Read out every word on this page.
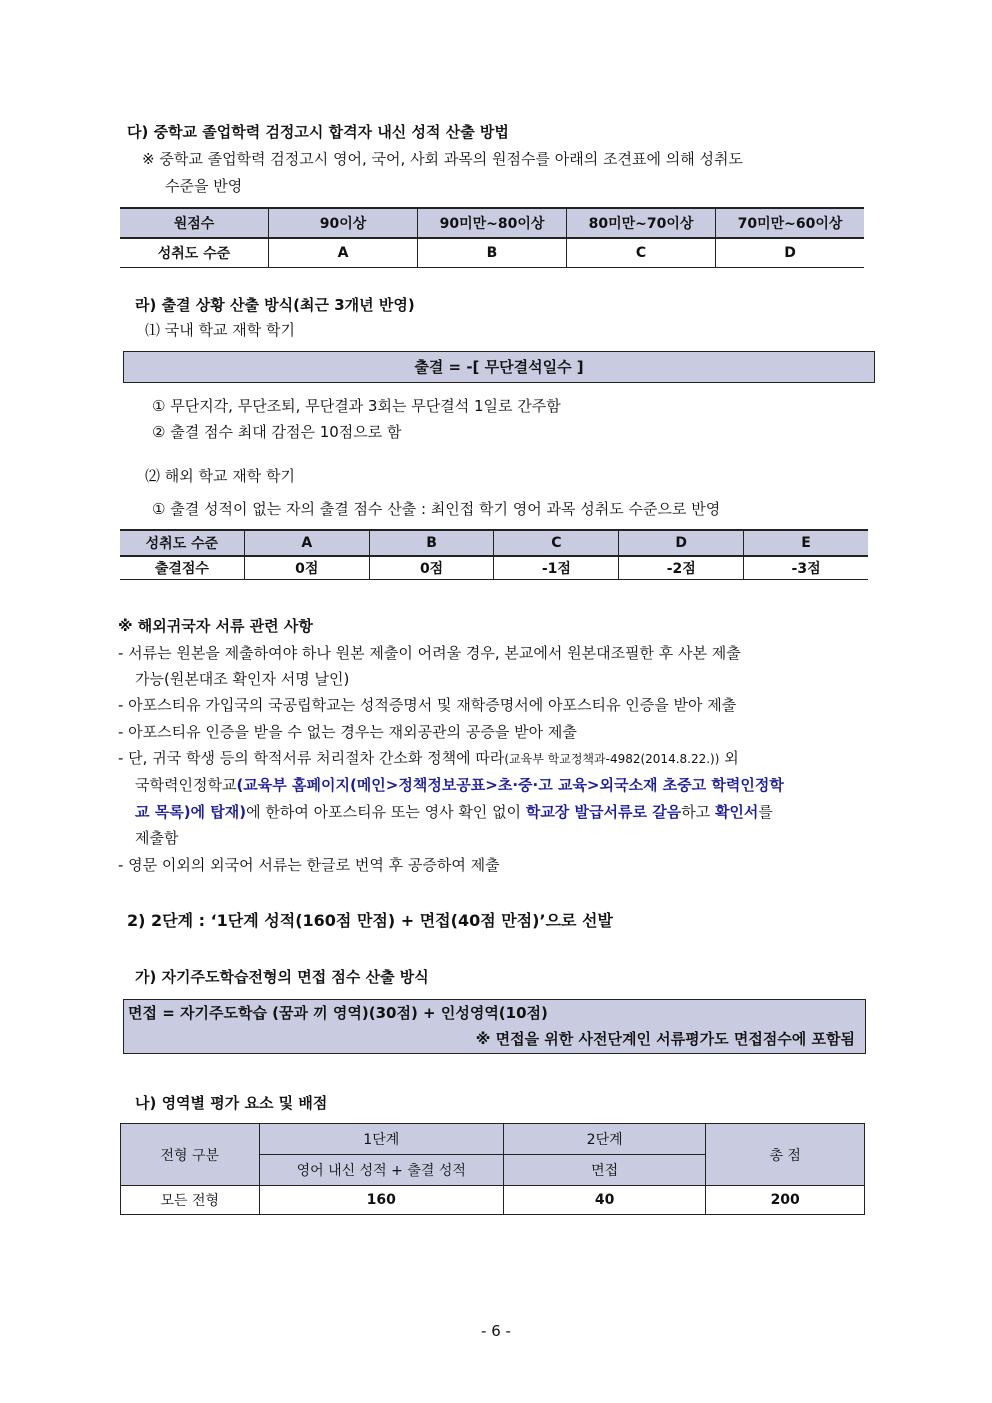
다) 중학교 졸업학력 검정고시 합격자 내신 성적 산출 방법
※ 중학교 졸업학력 검정고시 영어, 국어, 사회 과목의 원점수를 아래의 조견표에 의해 성취도
수준을 반영
원점수	90이상	90미만~80이상	80미만~70이상	70미만~60이상
성취도 수준	A	B	C	D
라) 출결 상황 산출 방식(최근 3개년 반영)
⑴ 국내 학교 재학 학기
출결 = -[ 무단결석일수 ]
① 무단지각, 무단조퇴, 무단결과 3회는 무단결석 1일로 간주함
② 출결 점수 최대 감점은 10점으로 함
⑵ 해외 학교 재학 학기
① 출결 성적이 없는 자의 출결 점수 산출 : 최인접 학기 영어 과목 성취도 수준으로 반영
성취도 수준	A	B	C	D	E
출결점수	0점	0점	-1점	-2점	-3점
※ 해외귀국자 서류 관련 사항
- 서류는 원본을 제출하여야 하나 원본 제출이 어려울 경우, 본교에서 원본대조필한 후 사본 제출
가능(원본대조 확인자 서명 날인)
- 아포스티유 가입국의 국공립학교는 성적증명서 및 재학증명서에 아포스티유 인증을 받아 제출
- 아포스티유 인증을 받을 수 없는 경우는 재외공관의 공증을 받아 제출
- 단, 귀국 학생 등의 학적서류 처리절차 간소화 정책에 따라(교육부 학교정책과-4982(2014.8.22.)) 외
국학력인정학교(교육부 홈페이지(메인>정책정보공표>초·중·고 교육>외국소재 초중고 학력인정학
교 목록)에 탑재)에 한하여 아포스티유 또는 영사 확인 없이 학교장 발급서류로 갈음하고 확인서를
제출함
- 영문 이외의 외국어 서류는 한글로 번역 후 공증하여 제출
2) 2단계 : ‘1단계 성적(160점 만점) + 면접(40점 만점)’으로 선발
가) 자기주도학습전형의 면접 점수 산출 방식
면접 = 자기주도학습 (꿈과 끼 영역)(30점) + 인성영역(10점)
※ 면접을 위한 사전단계인 서류평가도 면접점수에 포함됨
나) 영역별 평가 요소 및 배점
전형 구분	1단계	2단계	총 점
	영어 내신 성적 + 출결 성적	면접	
모든 전형	160	40	200
- 6 -
